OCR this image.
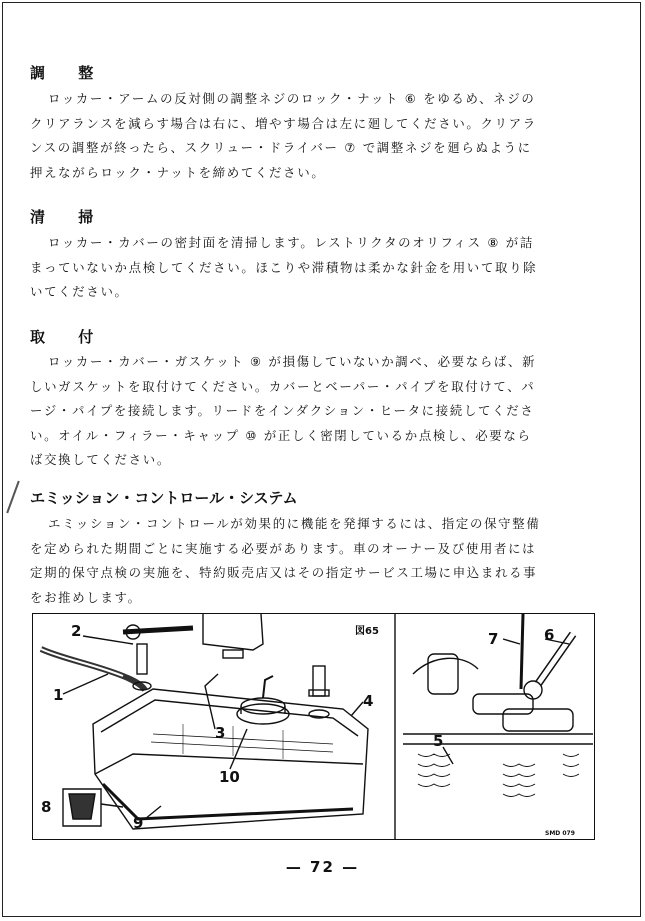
調 整
ロッカー・アームの反対側の調整ネジのロック・ナット ⑥ をゆるめ、ネジの
クリアランスを減らす場合は右に、増やす場合は左に廻してください。クリアラ
ンスの調整が終ったら、スクリュー・ドライバー ⑦ で調整ネジを廻らぬように
押えながらロック・ナットを締めてください。
清 掃
ロッカー・カバーの密封面を清掃します。レストリクタのオリフィス ⑧ が詰
まっていないか点検してください。ほこりや滞積物は柔かな針金を用いて取り除
いてください。
取 付
ロッカー・カバー・ガスケット ⑨ が損傷していないか調べ、必要ならば、新
しいガスケットを取付けてください。カバーとベーパー・パイプを取付けて、パ
ージ・パイプを接続します。リードをインダクション・ヒータに接続してくださ
い。オイル・フィラー・キャップ ⑩ が正しく密閉しているか点検し、必要なら
ば交換してください。
エミッション・コントロール・システム
エミッション・コントロールが効果的に機能を発揮するには、指定の保守整備
を定められた期間ごとに実施する必要があります。車のオーナー及び使用者には
定期的保守点検の実施を、特約販売店又はその指定サービス工場に申込まれる事
をお推めします。
図65
SMD 079
1
2
3
4
5
6
7
8
9
10
— 72 —
